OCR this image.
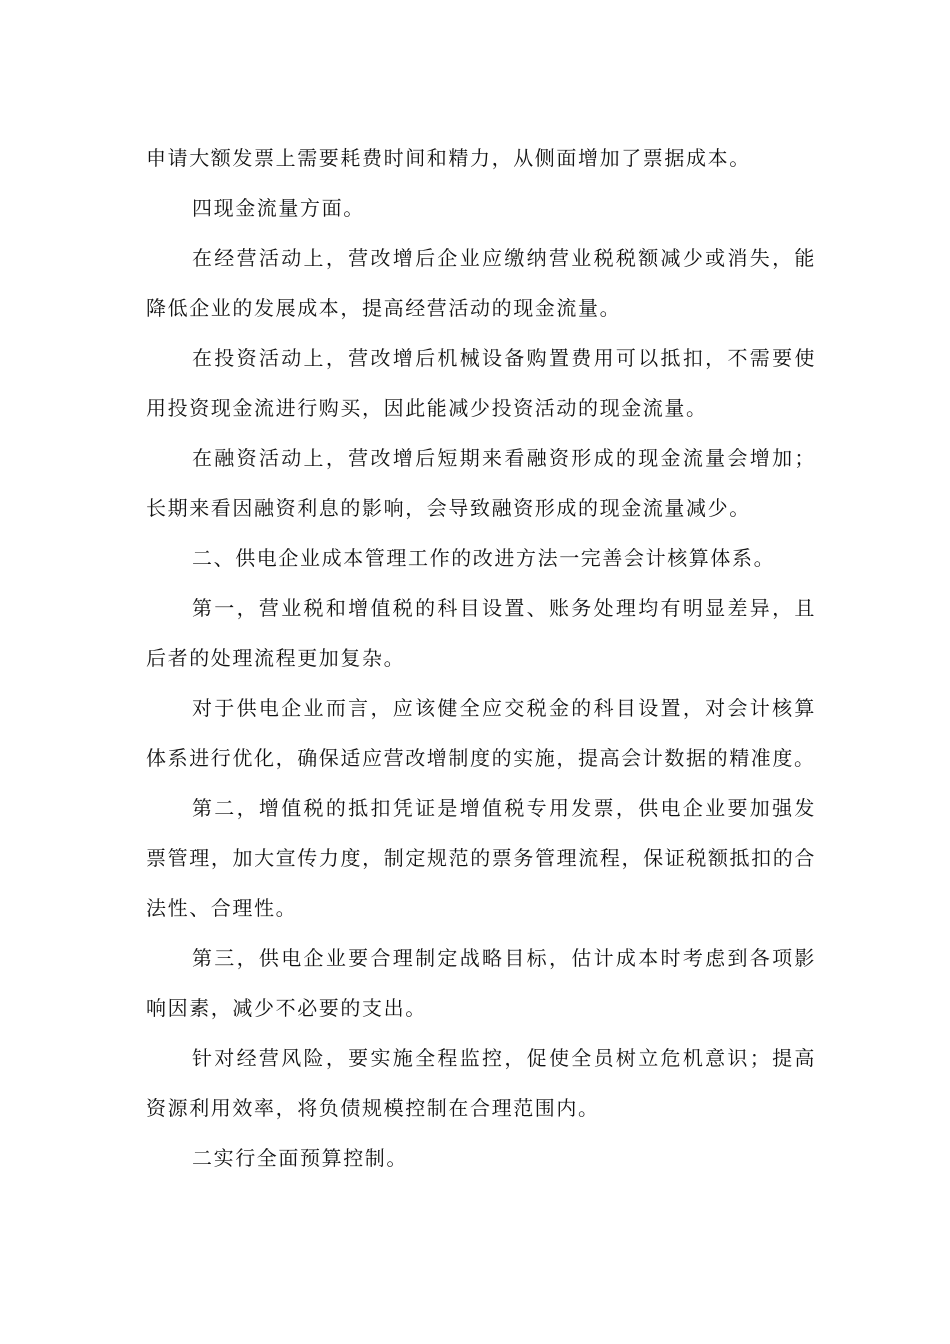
申请大额发票上需要耗费时间和精力，从侧面增加了票据成本。

四现金流量方面。

在经营活动上，营改增后企业应缴纳营业税税额减少或消失，能降低企业的发展成本，提高经营活动的现金流量。

在投资活动上，营改增后机械设备购置费用可以抵扣，不需要使用投资现金流进行购买，因此能减少投资活动的现金流量。

在融资活动上，营改增后短期来看融资形成的现金流量会增加；长期来看因融资利息的影响，会导致融资形成的现金流量减少。

二、供电企业成本管理工作的改进方法一完善会计核算体系。

第一，营业税和增值税的科目设置、账务处理均有明显差异，且后者的处理流程更加复杂。

对于供电企业而言，应该健全应交税金的科目设置，对会计核算体系进行优化，确保适应营改增制度的实施，提高会计数据的精准度。

第二，增值税的抵扣凭证是增值税专用发票，供电企业要加强发票管理，加大宣传力度，制定规范的票务管理流程，保证税额抵扣的合法性、合理性。

第三，供电企业要合理制定战略目标，估计成本时考虑到各项影响因素，减少不必要的支出。

针对经营风险，要实施全程监控，促使全员树立危机意识；提高资源利用效率，将负债规模控制在合理范围内。

二实行全面预算控制。
